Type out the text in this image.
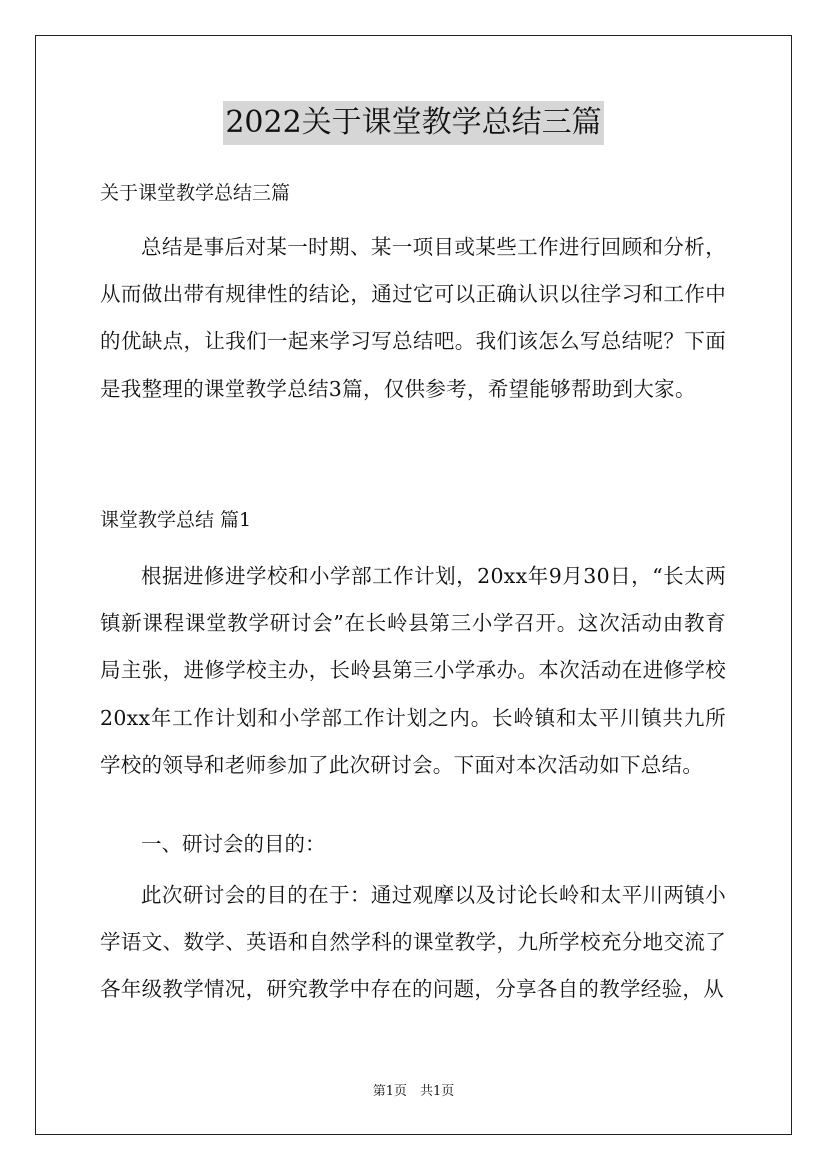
2022关于课堂教学总结三篇

关于课堂教学总结三篇

总结是事后对某一时期、某一项目或某些工作进行回顾和分析，从而做出带有规律性的结论，通过它可以正确认识以往学习和工作中的优缺点，让我们一起来学习写总结吧。我们该怎么写总结呢？下面是我整理的课堂教学总结3篇，仅供参考，希望能够帮助到大家。

课堂教学总结 篇1

根据进修进学校和小学部工作计划，20xx年9月30日，“长太两镇新课程课堂教学研讨会”在长岭县第三小学召开。这次活动由教育局主张，进修学校主办，长岭县第三小学承办。本次活动在进修学校20xx年工作计划和小学部工作计划之内。长岭镇和太平川镇共九所学校的领导和老师参加了此次研讨会。下面对本次活动如下总结。

一、研讨会的目的：

此次研讨会的目的在于：通过观摩以及讨论长岭和太平川两镇小学语文、数学、英语和自然学科的课堂教学，九所学校充分地交流了各年级教学情况，研究教学中存在的问题，分享各自的教学经验，从

第1页　共1页
